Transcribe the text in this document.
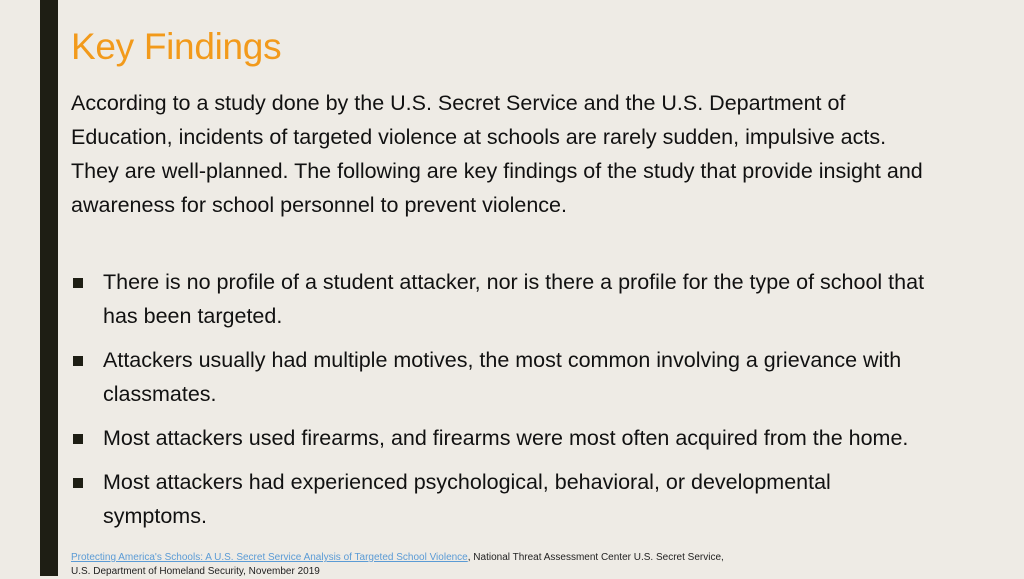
Key Findings
According to a study done by the U.S. Secret Service and the U.S. Department of Education, incidents of targeted violence at schools are rarely sudden, impulsive acts. They are well-planned. The following are key findings of the study that provide insight and awareness for school personnel to prevent violence.
There is no profile of a student attacker, nor is there a profile for the type of school that has been targeted.
Attackers usually had multiple motives, the most common involving a grievance with classmates.
Most attackers used firearms, and firearms were most often acquired from the home.
Most attackers had experienced psychological, behavioral, or developmental symptoms.
Protecting America's Schools: A U.S. Secret Service Analysis of Targeted School Violence, National Threat Assessment Center U.S. Secret Service,
U.S. Department of Homeland Security, November 2019
